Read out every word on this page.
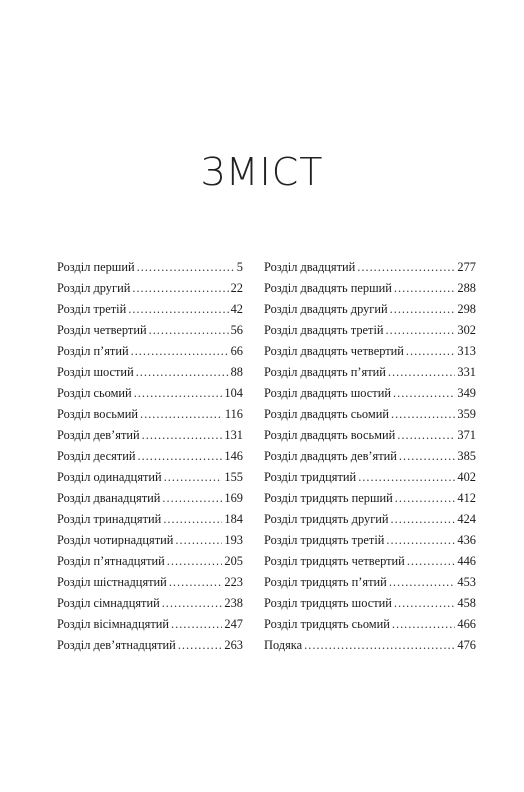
ЗМІСТ
Розділ перший .....	5
Розділ другий .....	22
Розділ третій .....	42
Розділ четвертий .....	56
Розділ п’ятий .....	66
Розділ шостий .....	88
Розділ сьомий .....	104
Розділ восьмий .....	116
Розділ дев’ятий .....	131
Розділ десятий .....	146
Розділ одинадцятий .....	155
Розділ дванадцятий .....	169
Розділ тринадцятий .....	184
Розділ чотирнадцятий .....	193
Розділ п’ятнадцятий .....	205
Розділ шістнадцятий .....	223
Розділ сімнадцятий .....	238
Розділ вісімнадцятий .....	247
Розділ дев’ятнадцятий .....	263
Розділ двадцятий .....	277
Розділ двадцять перший .....	288
Розділ двадцять другий .....	298
Розділ двадцять третій .....	302
Розділ двадцять четвертий .....	313
Розділ двадцять п’ятий .....	331
Розділ двадцять шостий .....	349
Розділ двадцять сьомий .....	359
Розділ двадцять восьмий .....	371
Розділ двадцять дев’ятий .....	385
Розділ тридцятий .....	402
Розділ тридцять перший .....	412
Розділ тридцять другий .....	424
Розділ тридцять третій .....	436
Розділ тридцять четвертий .....	446
Розділ тридцять п’ятий .....	453
Розділ тридцять шостий .....	458
Розділ тридцять сьомий .....	466
Подяка .....	476
